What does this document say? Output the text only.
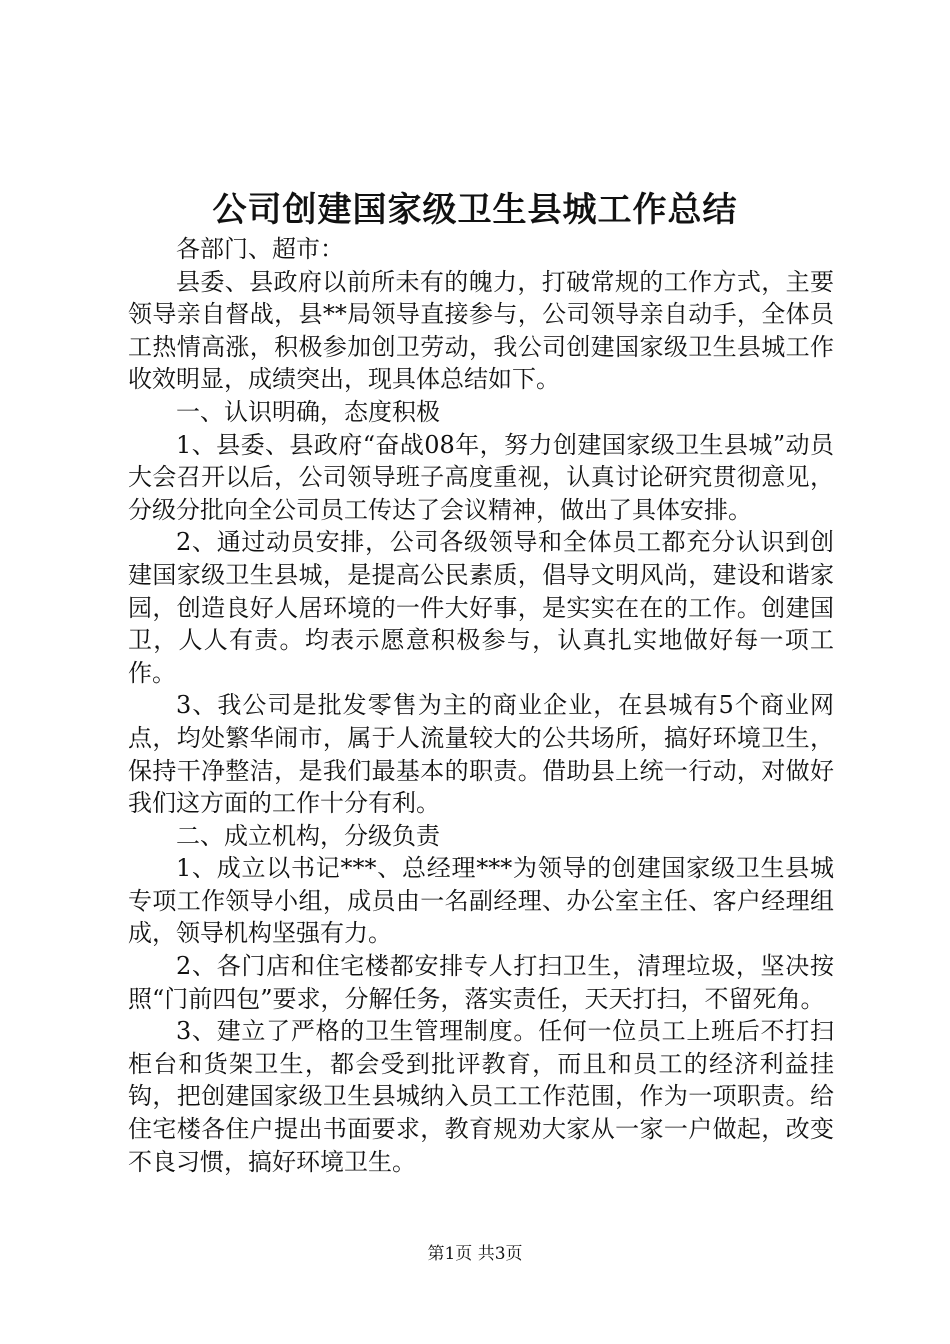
公司创建国家级卫生县城工作总结

各部门、超市：

县委、县政府以前所未有的魄力，打破常规的工作方式，主要领导亲自督战，县**局领导直接参与，公司领导亲自动手，全体员工热情高涨，积极参加创卫劳动，我公司创建国家级卫生县城工作收效明显，成绩突出，现具体总结如下。

一、认识明确，态度积极

1、县委、县政府“奋战08年，努力创建国家级卫生县城”动员大会召开以后，公司领导班子高度重视，认真讨论研究贯彻意见，分级分批向全公司员工传达了会议精神，做出了具体安排。

2、通过动员安排，公司各级领导和全体员工都充分认识到创建国家级卫生县城，是提高公民素质，倡导文明风尚，建设和谐家园，创造良好人居环境的一件大好事，是实实在在的工作。创建国卫，人人有责。均表示愿意积极参与，认真扎实地做好每一项工作。

3、我公司是批发零售为主的商业企业，在县城有5个商业网点，均处繁华闹市，属于人流量较大的公共场所，搞好环境卫生，保持干净整洁，是我们最基本的职责。借助县上统一行动，对做好我们这方面的工作十分有利。

二、成立机构，分级负责

1、成立以书记***、总经理***为领导的创建国家级卫生县城专项工作领导小组，成员由一名副经理、办公室主任、客户经理组成，领导机构坚强有力。

2、各门店和住宅楼都安排专人打扫卫生，清理垃圾，坚决按照“门前四包”要求，分解任务，落实责任，天天打扫，不留死角。

3、建立了严格的卫生管理制度。任何一位员工上班后不打扫柜台和货架卫生，都会受到批评教育，而且和员工的经济利益挂钩，把创建国家级卫生县城纳入员工工作范围，作为一项职责。给住宅楼各住户提出书面要求，教育规劝大家从一家一户做起，改变不良习惯，搞好环境卫生。

第1页 共3页
